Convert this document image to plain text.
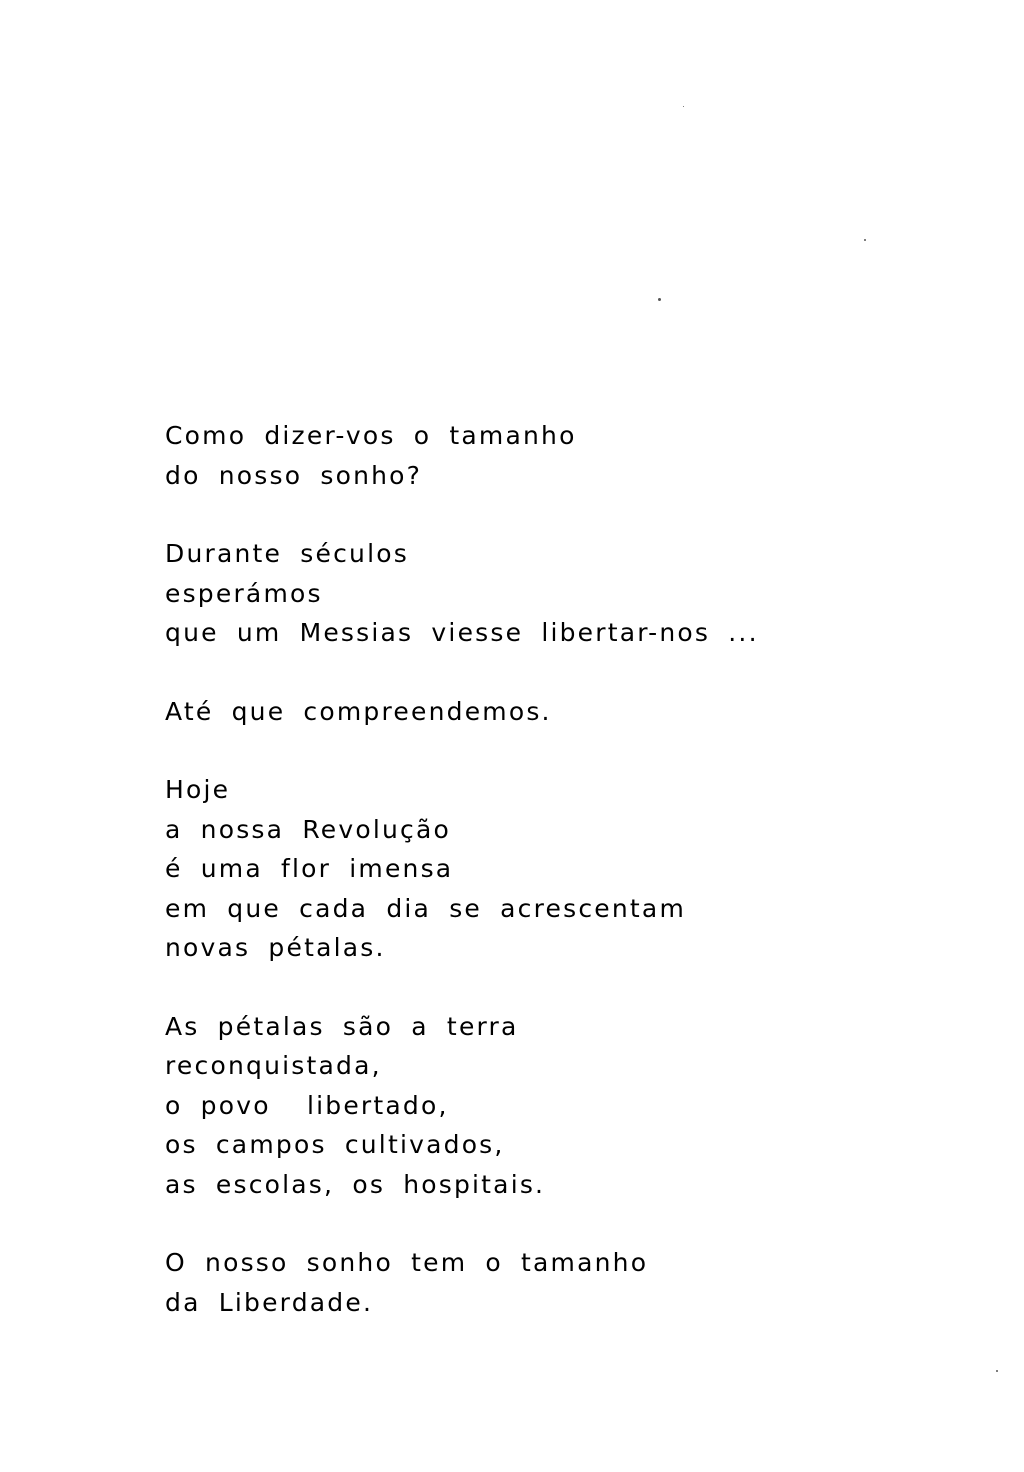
Como dizer-vos o tamanho
do nosso sonho?
Durante séculos
esperámos
que um Messias viesse libertar-nos ...
Até que compreendemos.
Hoje
a nossa Revolução
é uma flor imensa
em que cada dia se acrescentam
novas pétalas.
As pétalas são a terra
reconquistada,
o povo  libertado,
os campos cultivados,
as escolas, os hospitais.
O nosso sonho tem o tamanho
da Liberdade.
